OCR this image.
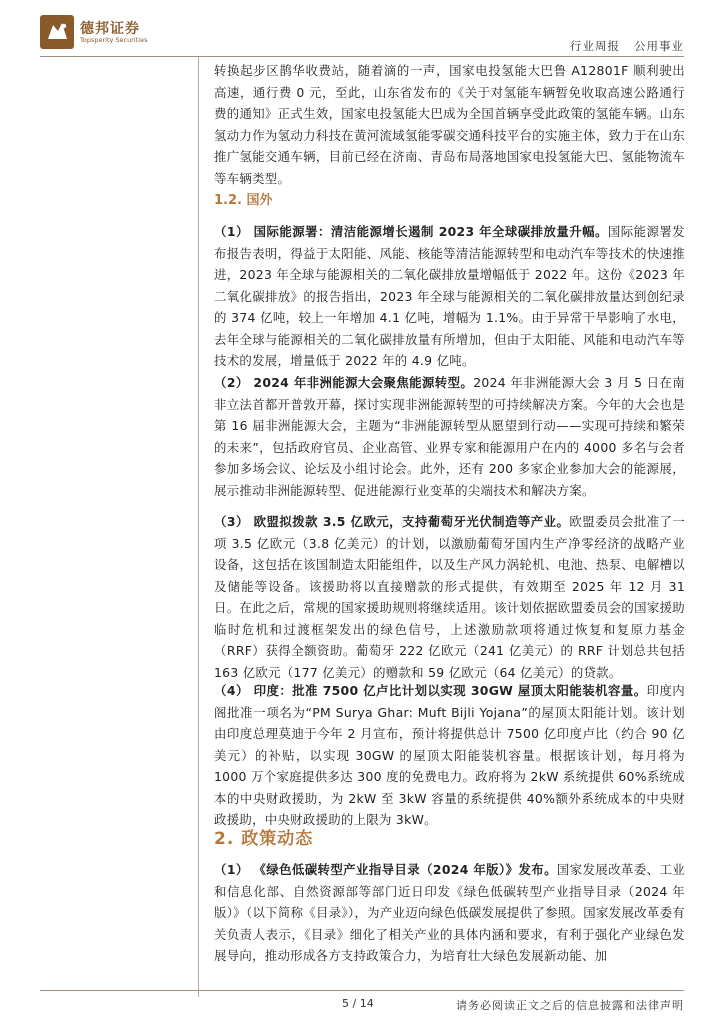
德邦证券
Topsperity Securities	行业周报   公用事业

转换起步区鹊华收费站，随着滴的一声，国家电投氢能大巴鲁 A12801F 顺利驶出高速，通行费 0 元，至此，山东省发布的《关于对氢能车辆暂免收取高速公路通行费的通知》正式生效，国家电投氢能大巴成为全国首辆享受此政策的氢能车辆。山东氢动力作为氢动力科技在黄河流域氢能零碳交通科技平台的实施主体，致力于在山东推广氢能交通车辆，目前已经在济南、青岛布局落地国家电投氢能大巴、氢能物流车等车辆类型。

1.2. 国外

（1） 国际能源署：清洁能源增长遏制 2023 年全球碳排放量升幅。国际能源署发布报告表明，得益于太阳能、风能、核能等清洁能源转型和电动汽车等技术的快速推进，2023 年全球与能源相关的二氧化碳排放量增幅低于 2022 年。这份《2023 年二氧化碳排放》的报告指出，2023 年全球与能源相关的二氧化碳排放量达到创纪录的 374 亿吨，较上一年增加 4.1 亿吨，增幅为 1.1%。由于异常干旱影响了水电，去年全球与能源相关的二氧化碳排放量有所增加，但由于太阳能、风能和电动汽车等技术的发展，增量低于 2022 年的 4.9 亿吨。

（2） 2024 年非洲能源大会聚焦能源转型。2024 年非洲能源大会 3 月 5 日在南非立法首都开普敦开幕，探讨实现非洲能源转型的可持续解决方案。今年的大会也是第 16 届非洲能源大会，主题为“非洲能源转型从愿望到行动——实现可持续和繁荣的未来”，包括政府官员、企业高管、业界专家和能源用户在内的 4000 多名与会者参加多场会议、论坛及小组讨论会。此外，还有 200 多家企业参加大会的能源展，展示推动非洲能源转型、促进能源行业变革的尖端技术和解决方案。

（3） 欧盟拟拨款 3.5 亿欧元，支持葡萄牙光伏制造等产业。欧盟委员会批准了一项 3.5 亿欧元（3.8 亿美元）的计划，以激励葡萄牙国内生产净零经济的战略产业设备，这包括在该国制造太阳能组件，以及生产风力涡轮机、电池、热泵、电解槽以及储能等设备。该援助将以直接赠款的形式提供，有效期至 2025 年 12 月 31 日。在此之后，常规的国家援助规则将继续适用。该计划依据欧盟委员会的国家援助临时危机和过渡框架发出的绿色信号，上述激励款项将通过恢复和复原力基金（RRF）获得全额资助。葡萄牙 222 亿欧元（241 亿美元）的 RRF 计划总共包括 163 亿欧元（177 亿美元）的赠款和 59 亿欧元（64 亿美元）的贷款。

（4） 印度：批准 7500 亿卢比计划以实现 30GW 屋顶太阳能装机容量。印度内阁批准一项名为“PM Surya Ghar: Muft Bijli Yojana”的屋顶太阳能计划。该计划由印度总理莫迪于今年 2 月宣布，预计将提供总计 7500 亿印度卢比（约合 90 亿美元）的补贴，以实现 30GW 的屋顶太阳能装机容量。根据该计划，每月将为 1000 万个家庭提供多达 300 度的免费电力。政府将为 2kW 系统提供 60%系统成本的中央财政援助，为 2kW 至 3kW 容量的系统提供 40%额外系统成本的中央财政援助，中央财政援助的上限为 3kW。

2. 政策动态

（1） 《绿色低碳转型产业指导目录（2024 年版）》发布。国家发展改革委、工业和信息化部、自然资源部等部门近日印发《绿色低碳转型产业指导目录（2024 年版）》（以下简称《目录》），为产业迈向绿色低碳发展提供了参照。国家发展改革委有关负责人表示，《目录》细化了相关产业的具体内涵和要求，有利于强化产业绿色发展导向，推动形成各方支持政策合力，为培育壮大绿色发展新动能、加

5 / 14	请务必阅读正文之后的信息披露和法律声明
